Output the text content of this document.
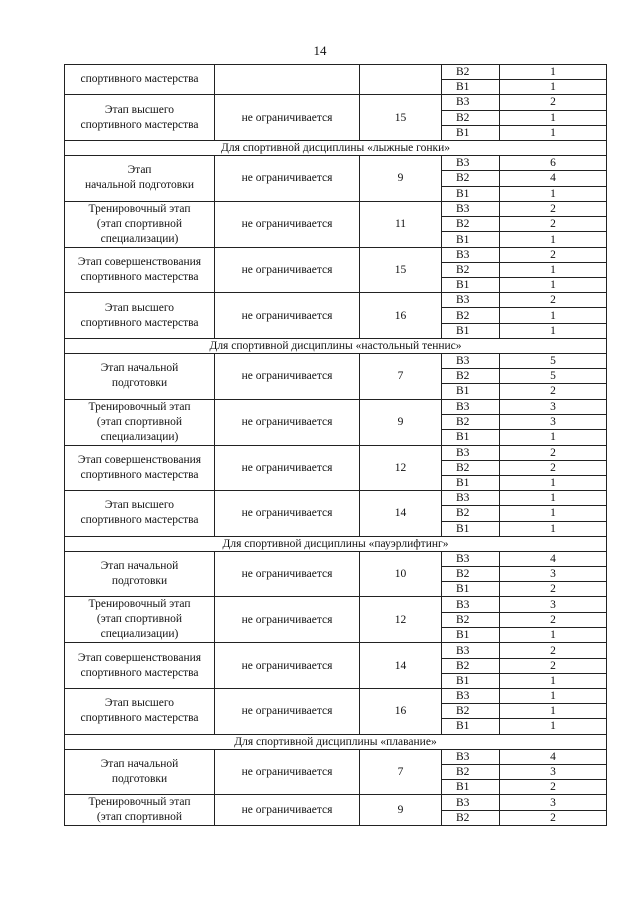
14
спортивного мастерства			B2	1
			B1	1
Этап высшего
спортивного мастерства	не ограничивается	15	B3	2
			B2	1
			B1	1
Для спортивной дисциплины «лыжные гонки»				
Этап
начальной подготовки	не ограничивается	9	B3	6
			B2	4
			B1	1
Тренировочный этап
(этап спортивной
специализации)	не ограничивается	11	B3	2
			B2	2
			B1	1
Этап совершенствования
спортивного мастерства	не ограничивается	15	B3	2
			B2	1
			B1	1
Этап высшего
спортивного мастерства	не ограничивается	16	B3	2
			B2	1
			B1	1
Для спортивной дисциплины «настольный теннис»				
Этап начальной
подготовки	не ограничивается	7	B3	5
			B2	5
			B1	2
Тренировочный этап
(этап спортивной
специализации)	не ограничивается	9	B3	3
			B2	3
			B1	1
Этап совершенствования
спортивного мастерства	не ограничивается	12	B3	2
			B2	2
			B1	1
Этап высшего
спортивного мастерства	не ограничивается	14	B3	1
			B2	1
			B1	1
Для спортивной дисциплины «пауэрлифтинг»				
Этап начальной
подготовки	не ограничивается	10	B3	4
			B2	3
			B1	2
Тренировочный этап
(этап спортивной
специализации)	не ограничивается	12	B3	3
			B2	2
			B1	1
Этап совершенствования
спортивного мастерства	не ограничивается	14	B3	2
			B2	2
			B1	1
Этап высшего
спортивного мастерства	не ограничивается	16	B3	1
			B2	1
			B1	1
Для спортивной дисциплины «плавание»				
Этап начальной
подготовки	не ограничивается	7	B3	4
			B2	3
			B1	2
Тренировочный этап
(этап спортивной	не ограничивается	9	B3	3
			B2	2
